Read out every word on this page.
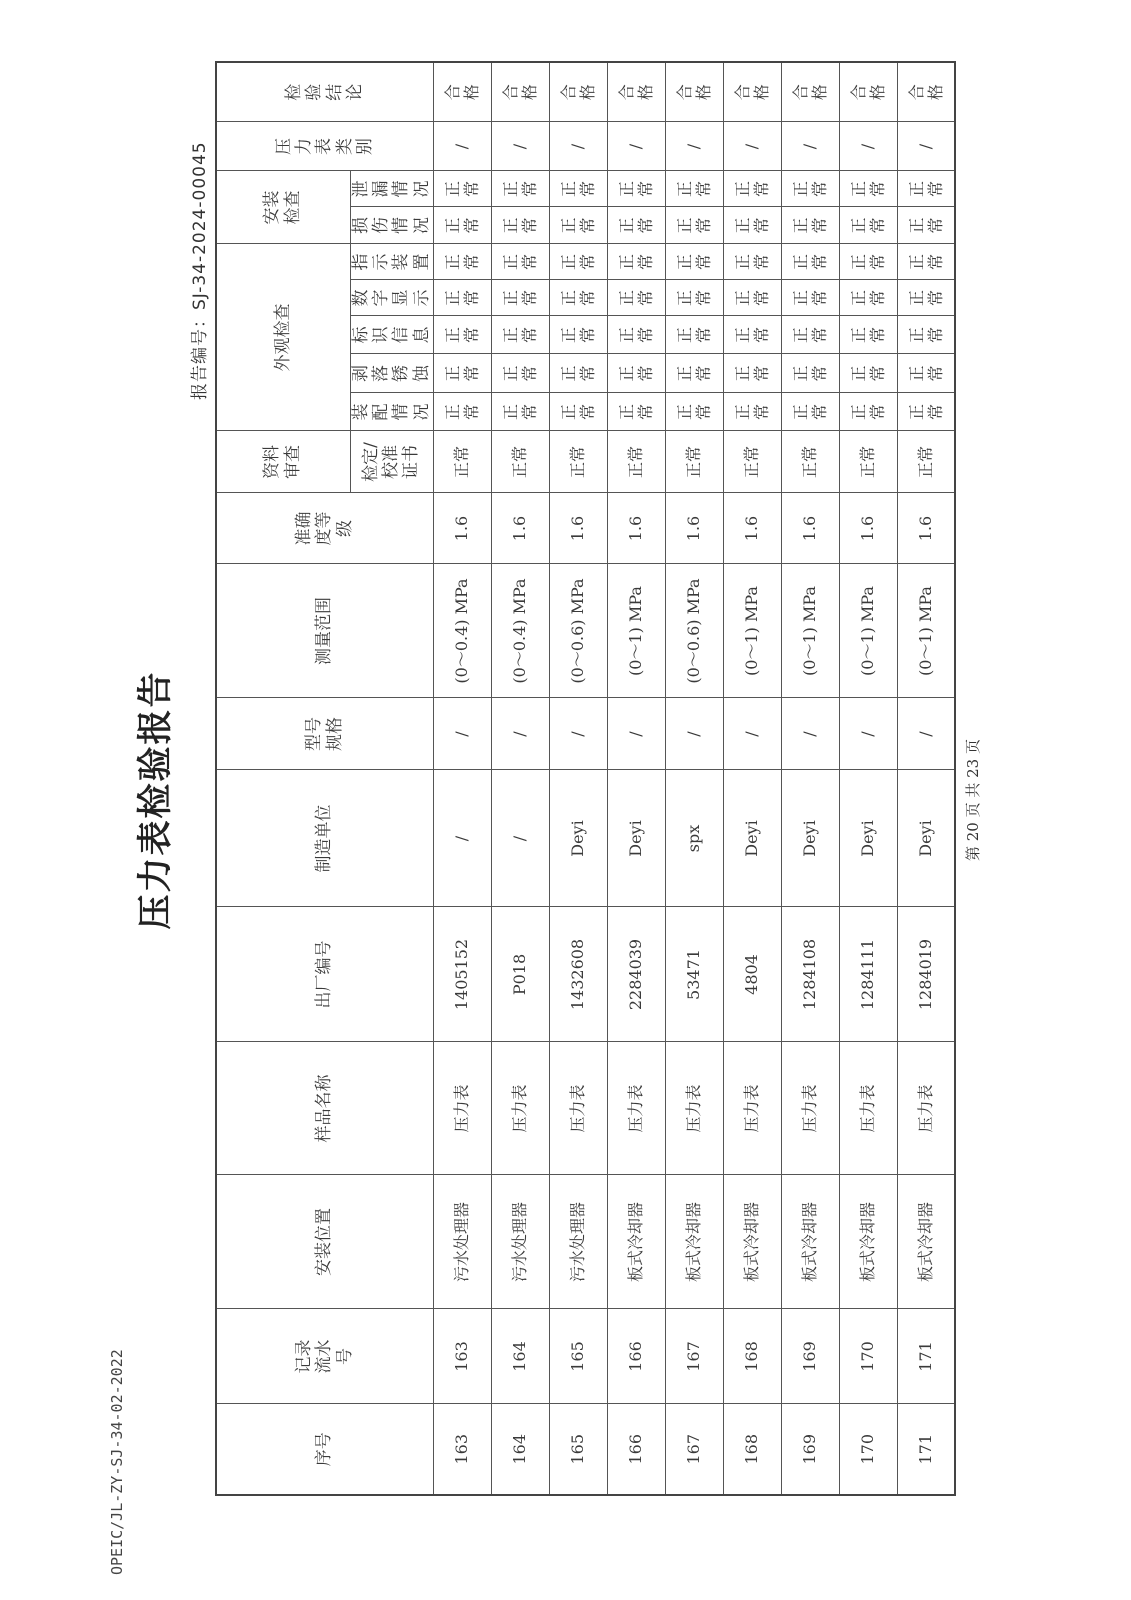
OPEIC/JL-ZY-SJ-34-02-2022
压力表检验报告
报告编号：SJ-34-2024-00045
序号	记录流水号	安装位置	样品名称	出厂编号	制造单位	型号规格	测量范围	准确度等级	资料审查	外观检查					安装检查		压力表类别	检验结论

									检定/校准证书	装配情况	剥落锈蚀	标识信息	数字显示	指示装置	损伤情况	泄漏情况		
163	163	污水处理器	压力表	1405152	/	/	(0～0.4) MPa	1.6	正常	正常	正常	正常	正常	正常	正常	正常	/	合格
164	164	污水处理器	压力表	P018	/	/	(0～0.4) MPa	1.6	正常	正常	正常	正常	正常	正常	正常	正常	/	合格
165	165	污水处理器	压力表	1432608	Deyi	/	(0～0.6) MPa	1.6	正常	正常	正常	正常	正常	正常	正常	正常	/	合格
166	166	板式冷却器	压力表	2284039	Deyi	/	(0～1) MPa	1.6	正常	正常	正常	正常	正常	正常	正常	正常	/	合格
167	167	板式冷却器	压力表	53471	spx	/	(0～0.6) MPa	1.6	正常	正常	正常	正常	正常	正常	正常	正常	/	合格
168	168	板式冷却器	压力表	4804	Deyi	/	(0～1) MPa	1.6	正常	正常	正常	正常	正常	正常	正常	正常	/	合格
169	169	板式冷却器	压力表	1284108	Deyi	/	(0～1) MPa	1.6	正常	正常	正常	正常	正常	正常	正常	正常	/	合格
170	170	板式冷却器	压力表	1284111	Deyi	/	(0～1) MPa	1.6	正常	正常	正常	正常	正常	正常	正常	正常	/	合格
171	171	板式冷却器	压力表	1284019	Deyi	/	(0～1) MPa	1.6	正常	正常	正常	正常	正常	正常	正常	正常	/	合格
第 20 页 共 23 页
